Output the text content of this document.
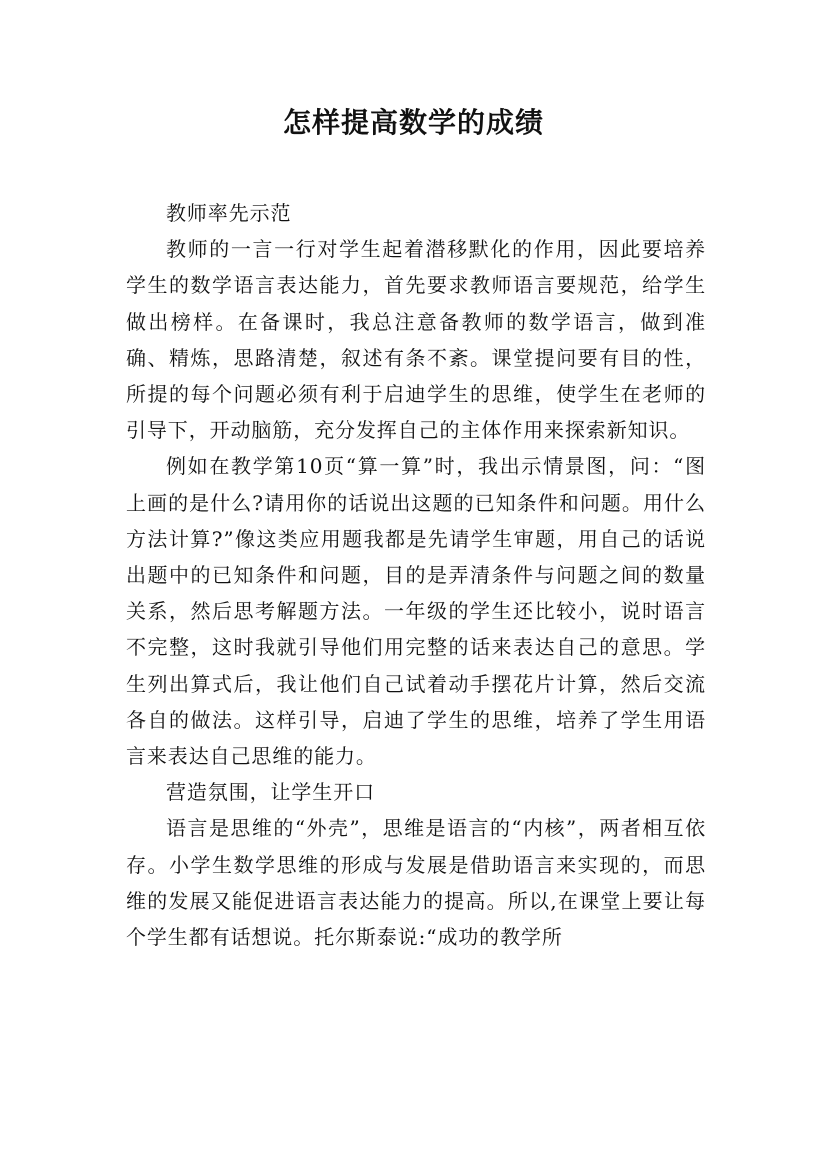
怎样提高数学的成绩

教师率先示范

教师的一言一行对学生起着潜移默化的作用，因此要培养学生的数学语言表达能力，首先要求教师语言要规范，给学生做出榜样。在备课时，我总注意备教师的数学语言，做到准确、精炼，思路清楚，叙述有条不紊。课堂提问要有目的性，所提的每个问题必须有利于启迪学生的思维，使学生在老师的引导下，开动脑筋，充分发挥自己的主体作用来探索新知识。

例如在教学第10页“算一算”时，我出示情景图，问：“图上画的是什么?请用你的话说出这题的已知条件和问题。用什么方法计算?”像这类应用题我都是先请学生审题，用自己的话说出题中的已知条件和问题，目的是弄清条件与问题之间的数量关系，然后思考解题方法。一年级的学生还比较小，说时语言不完整，这时我就引导他们用完整的话来表达自己的意思。学生列出算式后，我让他们自己试着动手摆花片计算，然后交流各自的做法。这样引导，启迪了学生的思维，培养了学生用语言来表达自己思维的能力。

营造氛围，让学生开口

语言是思维的“外壳”，思维是语言的“内核”，两者相互依存。小学生数学思维的形成与发展是借助语言来实现的，而思维的发展又能促进语言表达能力的提高。所以,在课堂上要让每个学生都有话想说。托尔斯泰说:“成功的教学所
